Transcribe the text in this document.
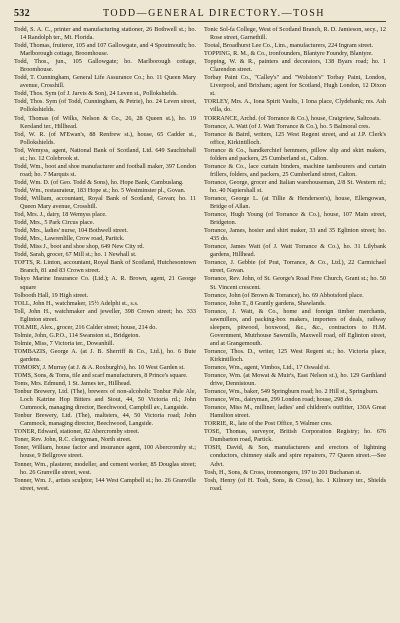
532	TODD—GENERAL DIRECTORY.—TOSH
Todd, S. A. C., printer and manufacturing stationer, 26 Bothwell st.; ho. 14 Randolph ter., Mt. Florida.
Todd, Thomas, fruiterer, 105 and 107 Gallowgate, and 4 Spoutmouth; ho. Marlborough cottage, Broomhouse.
Todd, Thos., jun., 105 Gallowgate; ho. Marlborough cottage, Broomhouse.
Todd, T. Cunningham, General Life Assurance Co.; ho. 11 Queen Mary avenue, Crosshill.
Todd, Thos. Sym (of J. Jarvis & Son), 24 Leven st., Pollokshields.
Todd, Thos. Sym (of Todd, Cunningham, & Petrie), ho. 24 Leven street, Pollokshields.
Tod, Thomas (of Wilks, Nelson & Co., 26, 28 Queen st.), ho. 19 Kersland ter., Hillhead.
Tod, W. R. (of M'Ewan's, 88 Renfrew st.), house, 65 Cadder st., Pollokshields.
Tod, Wemyss, agent, National Bank of Scotland, Ltd. 649 Sauchiehall st.; ho. 12 Colebrook st.
Todd, Wm., boot and shoe manufacturer and football maker, 397 London road; ho. 7 Marquis st.
Todd, Wm. D. (of Geo. Todd & Sons), ho. Hope Bank, Cambuslang.
Todd, Wm., restaurateur, 183 Hope st.; ho. 5 Westminster pl., Govan.
Todd, William, accountant, Royal Bank of Scotland, Govan; ho. 11 Queen Mary avenue, Crosshill.
Tod, Mrs. J., dairy, 18 Wemyss place.
Todd, Mrs., 5 Park Circus place.
Todd, Mrs., ladies' nurse, 104 Bothwell street.
Todd, Mrs., Lawrenlille, Crow road, Partick.
Todd, Miss J., boot and shoe shop, 649 New City rd.
Todd, Sarah, grocer, 67 Mill st.; ho. 1 Newhall st.
TOFTS, R. Linton, accountant, Royal Bank of Scotland, Hutchesontown Branch, 81 and 83 Crown street.
Tokyo Marine Insurance Co. (Ltd.); A. R. Brown, agent, 21 George square
Tolbooth Hall, 19 High street.
TOLL, John H., watchmaker, 15½ Adelphi st., s.s.
Toll, John H., watchmaker and jeweller, 398 Crown street; ho. 333 Eglinton street.
TOLMIE, Alex., grocer, 216 Calder street; house, 214 do.
Tolmie, John, G.P.O., 114 Swanston st., Bridgeton.
Tolmie, Miss, 7 Victoria ter., Dowanhill.
TOMBAZIS, George A. (at J. B. Sherriff & Co., Ltd.), ho. 6 Bute gardens.
TOMORY, J. Murray (at J. & A. Roxburgh's), ho. 10 West Garden st.
TOMS, Sons, & Toms, tile and scarf manufacturers, 8 Prince's square.
Toms, Mrs. Edmund, 1 St. James ter., Hillhead.
Tonbur Brewery, Ltd. (The), brewers of non-alcoholic Tonbur Pale Ale, Loch Katrine Hop Bitters and Stout, 44, 50 Victoria rd.; John Cummock, managing director, Beechwood, Campbill av., Langside.
Tonbur Brewery, Ltd. (The), maltsters, 44, 50 Victoria road; John Cammock, managing director, Beechwood, Langside.
TONER, Edward, stationer, 82 Abercromby street.
Toner, Rev. John, R.C. clergyman, North street.
Toner, William, house factor and insurance agent, 100 Abercromby st.; house, 9 Bellgrove street.
Tonner, Wm., plasterer, modeller, and cement worker, 85 Douglas street; ho. 26 Granville street, west.
Tonner, Wm. J., artists sculptor, 144 West Campbell st.; ho. 26 Granville street, west.
Tonic Sol-fa College, West of Scotland Branch, R. D. Jamieson, secy., 12 Rose street, Garnethill.
Tootal, Broadhurst Lee Co., Lim., manufacturers, 224 Ingram street.
TOPPING, R. M., & Co., ironfounders, Blantyre Foundry, Blantyre.
Topping, W. & R., painters and decorators, 138 Byars road; ho. 1 Clarendon street.
Torbay Paint Co., "Calley's" and "Wolston's" Torbay Paint, London, Liverpool, and Brixham; agent for Scotland, Hugh London, 12 Dixon st.
TORLEY, Mrs. A., Iona Spirit Vaults, 1 Iona place, Clydebank; res. Ash villa, do.
TORRANCE, Archd. (of Torrance & Co.), house, Craigview, Saltcoats.
Torrance, A. Watt (of J. Watt Torrance & Co.), ho. 5 Balmoral cres.
Torrance & Baird, writers, 125 West Regent street, and at J.P. Clerk's office, Kirkintilloch.
Torrance & Co., handkerchief hemmers, pillow slip and skirt makers, folders and packers, 25 Cumberland st., Calton.
Torrance & Co., lace curtain binders, machine tambourers and curtain frillers, folders, and packers, 25 Cumberland street, Calton.
Torrance, George, grocer and Italian warehouseman, 2/8 St. Western rd.; ho. 40 Napiershall st.
Torrance, George L. (at Tillie & Henderson's), house, Ellengowan, Bridge of Allan.
Torrance, Hugh Young (of Torrance & Co.), house, 107 Main street, Bridgeton.
Torrance, James, hosier and shirt maker, 33 and 35 Eglinton street; ho. 435 do.
Torrance, James Watt (of J. Watt Torrance & Co.), ho. 31 Lilybank gardens, Hillhead.
Torrance, J. Gebbie (of Prat, Torrance, & Co., Ltd.), 22 Carmichael street, Govan.
Torrance, Rev. John, of St. George's Road Free Church, Grant st.; ho. 50 St. Vincent crescent.
Torrance, John (of Brown & Torrance), ho. 69 Abbotsford place.
Torrance, John T., 8 Grantly gardens, Shawlands.
Torrance, J. Watt, & Co., home and foreign timber merchants, sawmillers, and packing-box makers, importers of deals, railway sleepers, pitwood, boxwood, &c., &c., contractors to H.M. Government, Mutrhouse Sawmills, Maxwell road, off Eglinton street, and at Grangemouth.
Torrance, Thos. D., writer, 125 West Regent st.; ho. Victoria place, Kirkintilloch.
Torrance, Wm., agent, Vimbos, Ltd., 17 Oswald st.
Torrance, Wm. (at Mowat & Muir's, East Nelson st.), ho. 129 Garthland drive, Dennistoun.
Torrance, Wm., baker, 549 Springburn road; ho. 2 Hill st., Springburn.
Torrance, Wm., dairyman, 299 London road; house, 298 do.
Torrance, Miss M., milliner, ladies' and children's outfitter, 130A Great Hamilton street.
TORRIE, R., late of the Post Office, 5 Walmer cres.
TOSE, Thomas, surveyor, British Corporation Registry; ho. 676 Dumbarton road, Partick.
TOSH, David, & Son, manufacturers and erectors of lightning conductors, chimney stalk and spire repairers, 77 Queen street.—See Advt.
Tosh, H., Sons, & Cross, ironmongers, 197 to 201 Buchanan st.
Tosh, Henry (of H. Tosh, Sons, & Cross), ho. 1 Kilmory ter., Shields road.
